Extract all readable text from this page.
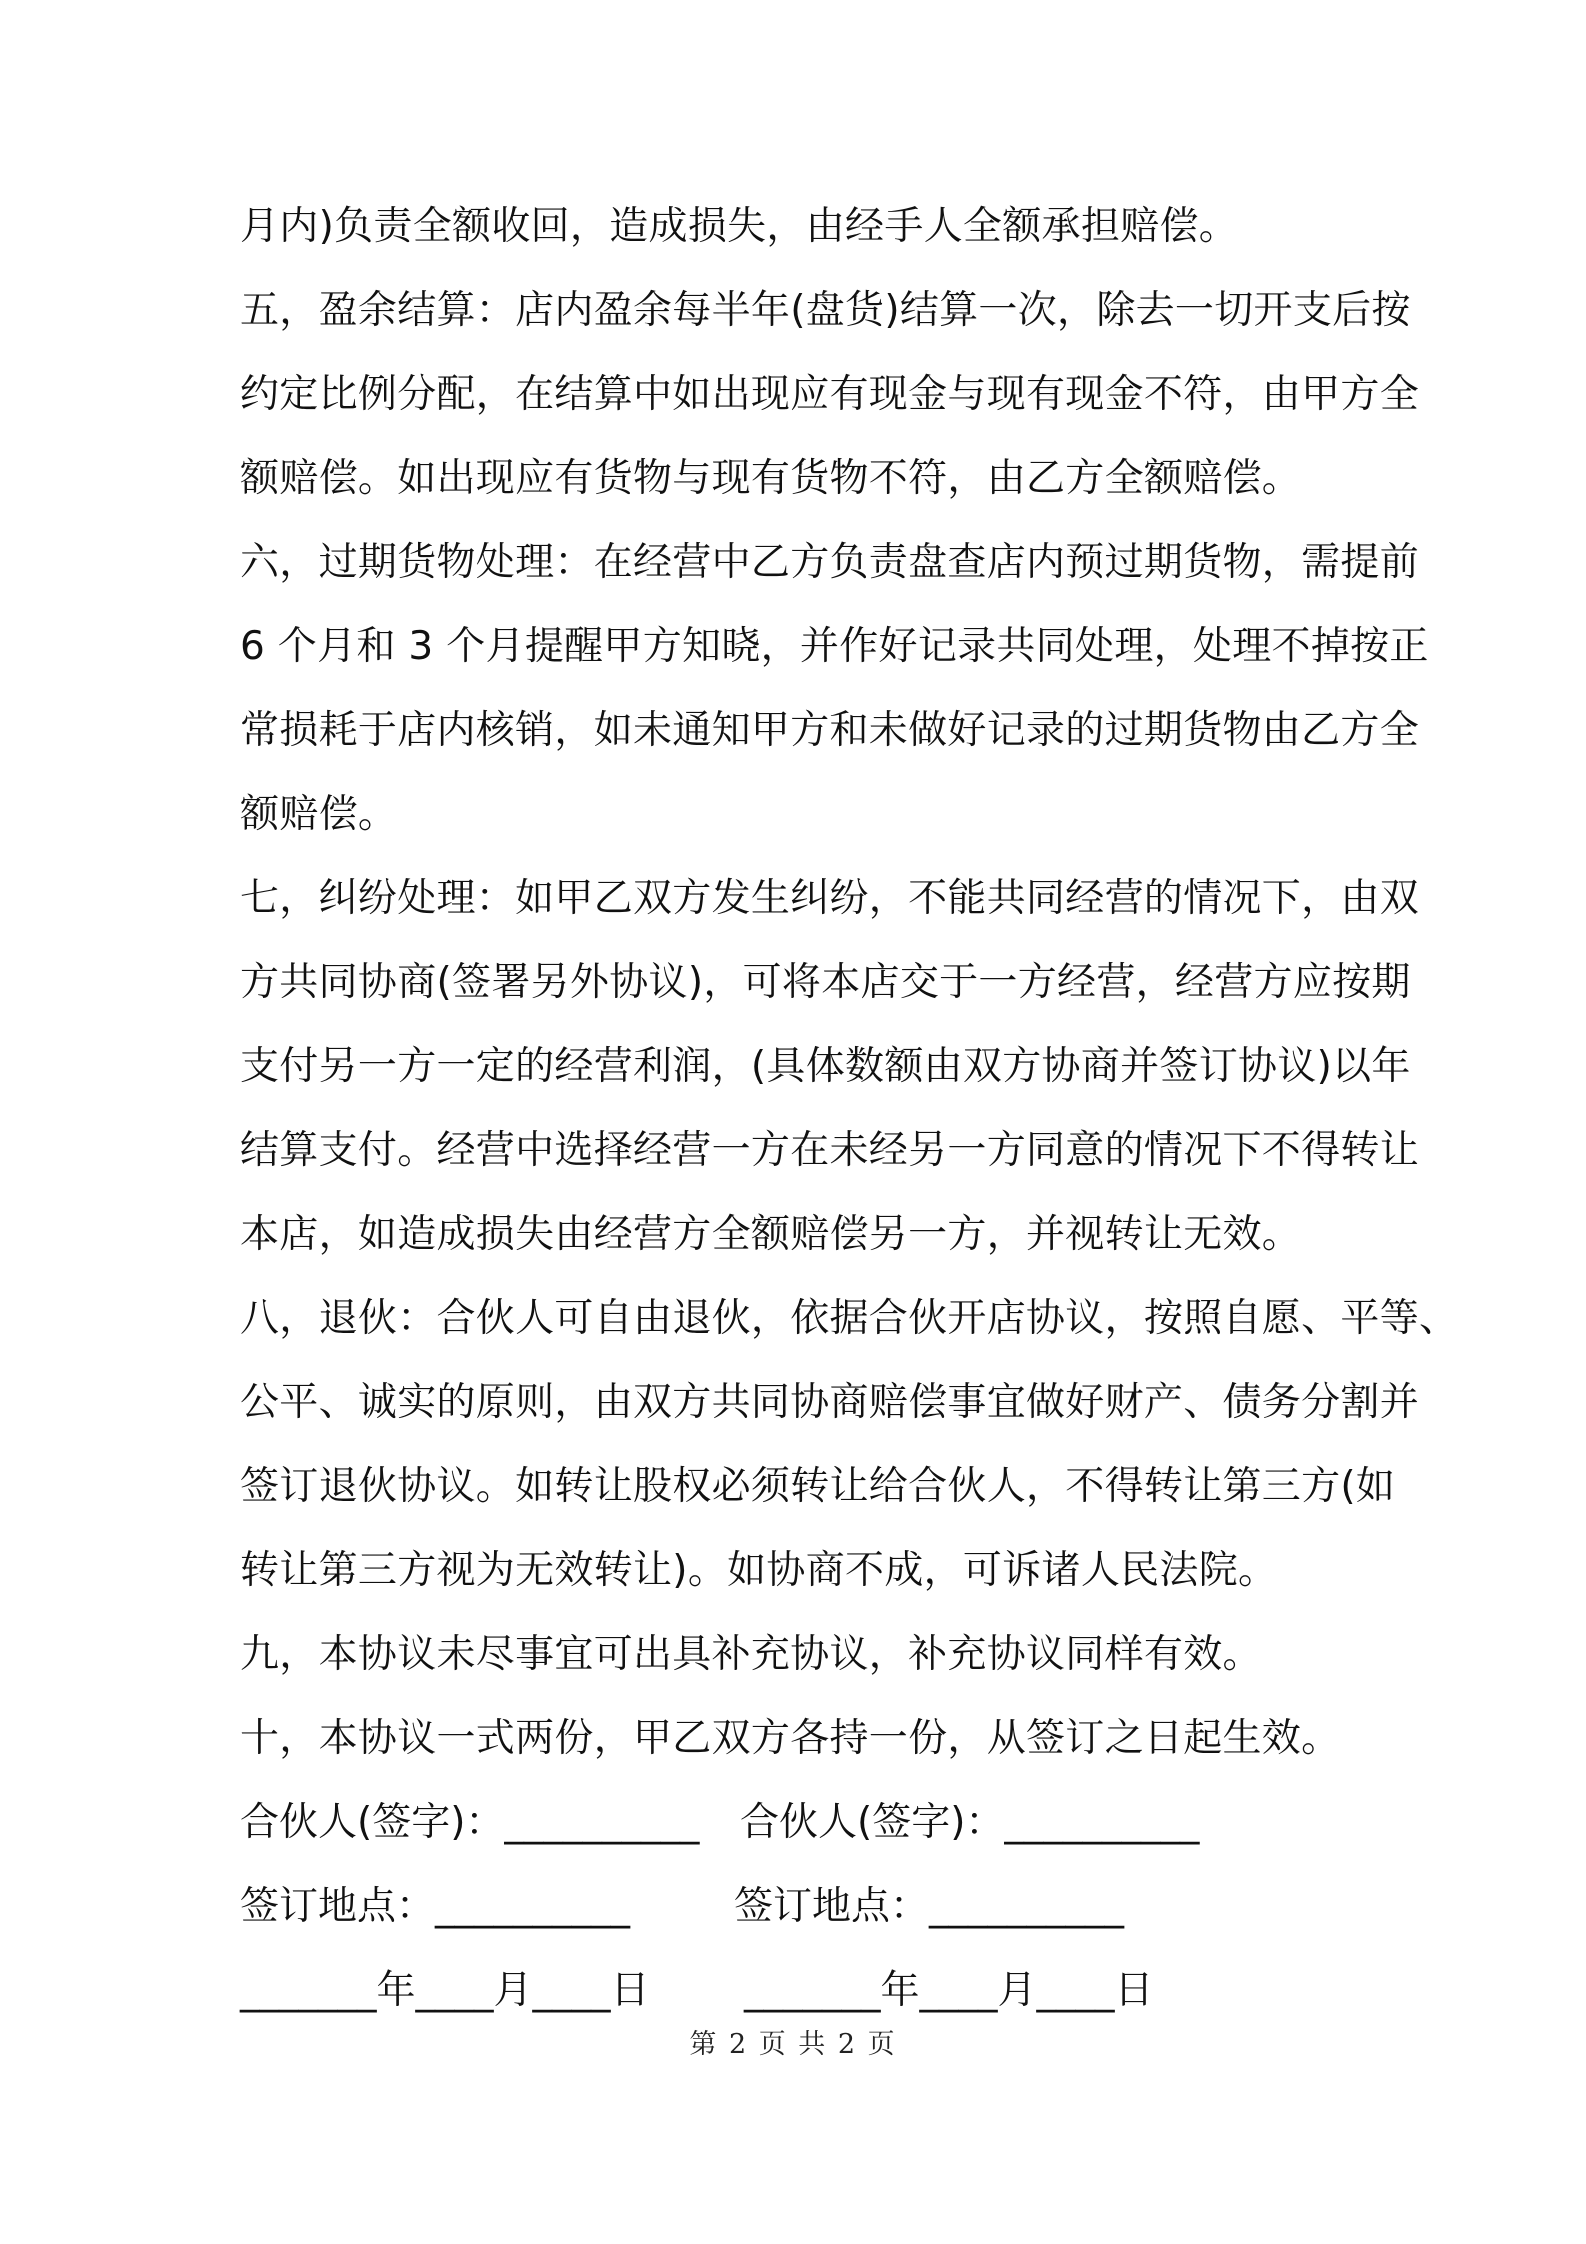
月内)负责全额收回，造成损失，由经手人全额承担赔偿。
五，盈余结算：店内盈余每半年(盘货)结算一次，除去一切开支后按
约定比例分配，在结算中如出现应有现金与现有现金不符，由甲方全
额赔偿。如出现应有货物与现有货物不符，由乙方全额赔偿。
六，过期货物处理：在经营中乙方负责盘查店内预过期货物，需提前
6 个月和 3 个月提醒甲方知晓，并作好记录共同处理，处理不掉按正
常损耗于店内核销，如未通知甲方和未做好记录的过期货物由乙方全
额赔偿。
七，纠纷处理：如甲乙双方发生纠纷，不能共同经营的情况下，由双
方共同协商(签署另外协议)，可将本店交于一方经营，经营方应按期
支付另一方一定的经营利润，(具体数额由双方协商并签订协议)以年
结算支付。经营中选择经营一方在未经另一方同意的情况下不得转让
本店，如造成损失由经营方全额赔偿另一方，并视转让无效。
八，退伙：合伙人可自由退伙，依据合伙开店协议，按照自愿、平等、
公平、诚实的原则，由双方共同协商赔偿事宜做好财产、债务分割并
签订退伙协议。如转让股权必须转让给合伙人，不得转让第三方(如
转让第三方视为无效转让)。如协商不成，可诉诸人民法院。
九，本协议未尽事宜可出具补充协议，补充协议同样有效。
十，本协议一式两份，甲乙双方各持一份，从签订之日起生效。
合伙人(签字)：__________ 合伙人(签字)：__________
签订地点：__________	签订地点：__________
_______年____月____日 _______年____月____日
第 2 页 共 2 页
